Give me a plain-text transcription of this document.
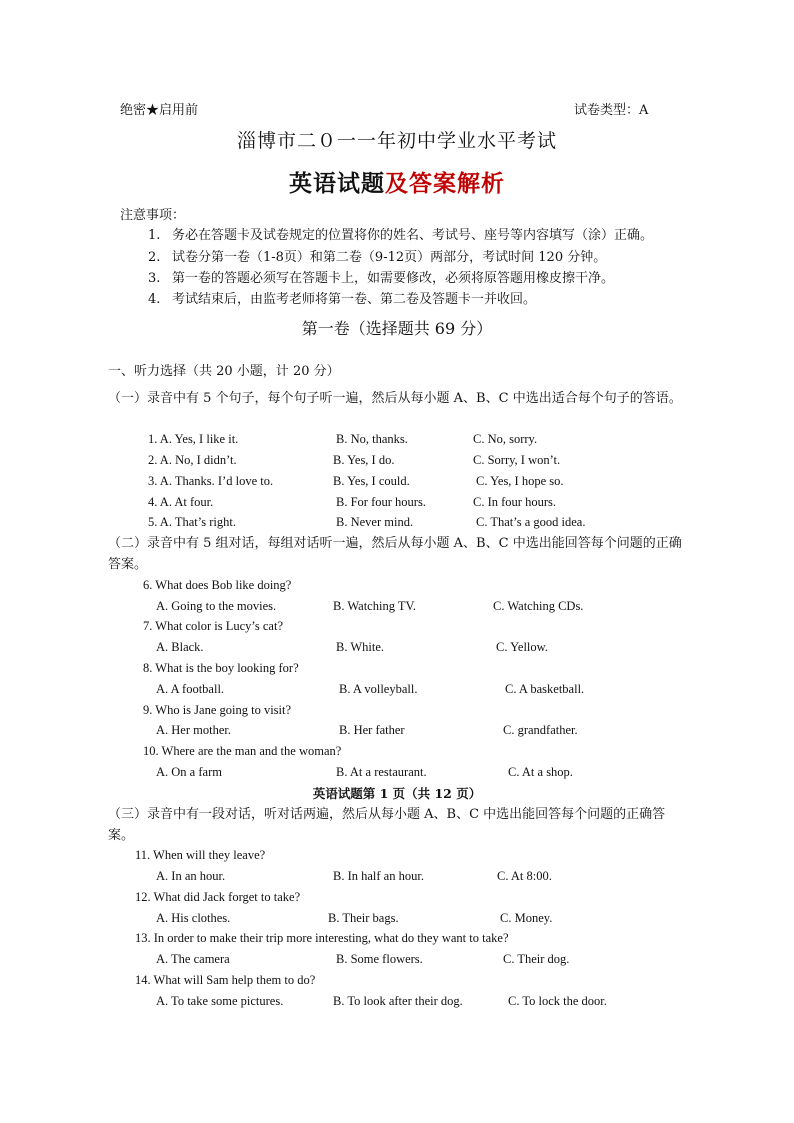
绝密★启用前	试卷类型：A
淄博市二０一一年初中学业水平考试
英语试题及答案解析
注意事项：
1. 务必在答题卡及试卷规定的位置将你的姓名、考试号、座号等内容填写（涂）正确。
2. 试卷分第一卷（1-8页）和第二卷（9-12页）两部分，考试时间 120 分钟。
3. 第一卷的答题必须写在答题卡上，如需要修改，必须将原答题用橡皮擦干净。
4. 考试结束后，由监考老师将第一卷、第二卷及答题卡一并收回。
第一卷（选择题共 69 分）
一、听力选择（共 20 小题，计 20 分）
（一）录音中有 5 个句子，每个句子听一遍，然后从每小题 A、B、C 中选出适合每个句子的答语。
1. A. Yes, I like it.	B. No, thanks.	C. No, sorry.
2. A. No, I didn’t.	B. Yes, I do.	C. Sorry, I won’t.
3. A. Thanks. I’d love to.	B. Yes, I could.	C. Yes, I hope so.
4. A. At four.	B. For four hours.	C. In four hours.
5. A. That’s right.	B. Never mind.	C. That’s a good idea.
（二）录音中有 5 组对话，每组对话听一遍，然后从每小题 A、B、C 中选出能回答每个问题的正确答案。
6. What does Bob like doing?
A. Going to the movies.	B. Watching TV.	C. Watching CDs.
7. What color is Lucy’s cat?
A. Black.	B. White.	C. Yellow.
8. What is the boy looking for?
A. A football.	B. A volleyball.	C. A basketball.
9. Who is Jane going to visit?
A. Her mother.	B. Her father	C. grandfather.
10. Where are the man and the woman?
A. On a farm	B. At a restaurant.	C. At a shop.
英语试题第 1 页（共 12 页）
（三）录音中有一段对话，听对话两遍，然后从每小题 A、B、C 中选出能回答每个问题的正确答案。
11. When will they leave?
A. In an hour.	B. In half an hour.	C. At 8:00.
12. What did Jack forget to take?
A. His clothes.	B. Their bags.	C. Money.
13. In order to make their trip more interesting, what do they want to take?
A. The camera	B. Some flowers.	C. Their dog.
14. What will Sam help them to do?
A. To take some pictures.	B. To look after their dog.	C. To lock the door.
